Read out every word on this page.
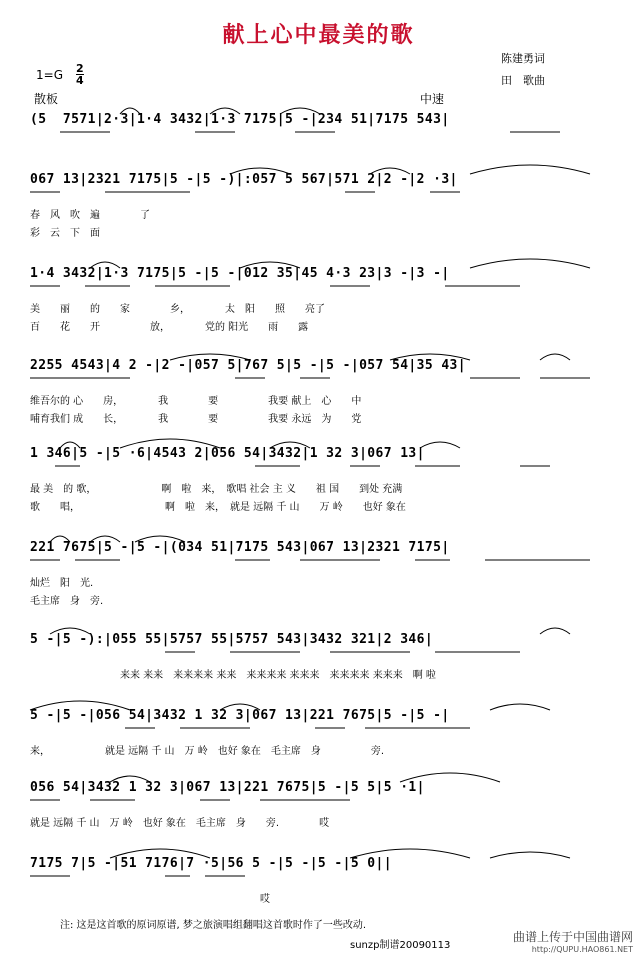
献上心中最美的歌
陈建勇词
田　歌曲
1=G 2
4
散板	中速
(5  7571|2·3|1·4 3432|1·3 7175|5 -|234 51|7175 543|
067 13|2321 7175|5 -|5 -)|:057 5 567|571 2|2 -|2 ·3|
春　风　吹　遍　　　　了
彩　云　下　面
1·4 3432|1·3 7175|5 -|5 -|012 35|45 4·3 23|3 -|3 -|
美　　丽　　的　　家　　　　乡，　　　　太　阳　　照　　亮了
百　　花　　开　　　　　放，　　　　党的 阳光　　雨　　露
2255 4543|4 2 -|2 -|057 5|767 5|5 -|5 -|057 54|35 43|
维吾尔的 心　　房，　　　　我　　　　要　　　　　我要 献上　心　　中
哺育我们 成　　长，　　　　我　　　　要　　　　　我要 永远　为　　党
1 346|5 -|5 ·6|4543 2|056 54|3432|1 32 3|067 13|
最 美　的 歌，　　　　　　　啊　啦　来，　歌唱 社会 主 义　　祖 国　　到处 充满
歌　　唱，　　　　　　　　　啊　啦　来，　就是 远隔 千 山　　万 岭　　也好 象在
221 7675|5 -|5 -|(034 51|7175 543|067 13|2321 7175|
灿烂　阳　光.
毛主席　身　旁.
5 -|5 -):|055 55|5757 55|5757 543|3432 321|2 346|
　　　　　　　　　来来 来来　来来来来 来来　来来来来 来来来　来来来来 来来来　啊 啦
5 -|5 -|056 54|3432 1 32 3|067 13|221 7675|5 -|5 -|
来，　　　　　　就是 远隔 千 山　万 岭　也好 象在　毛主席　身　　　　　旁.
056 54|3432 1 32 3|067 13|221 7675|5 -|5 5|5 ·1|
就是 远隔 千 山　万 岭　也好 象在　毛主席　身　　旁.　　　　哎
7175 7|5 -|51 7176|7 ·5|56 5 -|5 -|5 -|5 0||
　　　　　　　　　　　　　　　　　　　　　　　哎
注: 这是这首歌的原词原谱, 梦之旅演唱组翻唱这首歌时作了一些改动.
sunzp制谱20090113
曲谱上传于中国曲谱网
http://QUPU.HAO861.NET
